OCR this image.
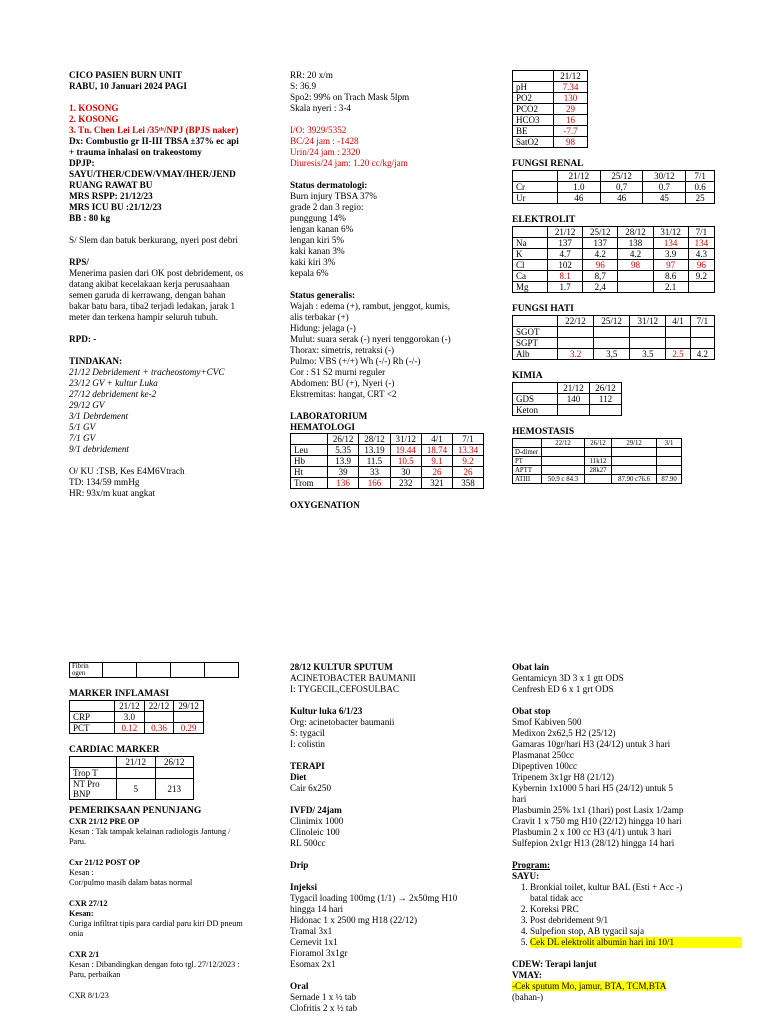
CICO PASIEN BURN UNIT

RABU, 10 Januari 2024 PAGI

1. KOSONG

2. KOSONG

3. Tn. Chen Lei Lei /35ᵗʰ/NPJ (BPJS naker)

Dx: Combustio gr II-III TBSA ±37% ec api

+ trauma inhalasi on trakeostomy

DPJP:

SAYU/THER/CDEW/VMAY/IHER/JEND

RUANG RAWAT BU

MRS RSPP: 21/12/23

MRS ICU BU :21/12/23

BB : 80 kg

S/ Slem dan batuk berkurang, nyeri post debri

RPS/

Menerima pasien dari OK post debridement, os

datang akibat kecelakaan kerja perusaahaan

semen garuda di kerrawang, dengan bahan

bakar batu bara, tiba2 terjadi ledakan, jarak 1

meter dan terkena hampir seluruh tubuh.

RPD: -

TINDAKAN:

21/12 Debridement + tracheostomy+CVC

23/12 GV + kultur Luka

27/12 debridement ke-2

29/12 GV

3/1 Debrdement

5/1 GV

7/1 GV

9/1 debridement

O/ KU :TSB, Kes E4M6Vtrach

TD: 134/59 mmHg

HR: 93x/m kuat angkat

RR: 20 x/m

S: 36.9

Spo2: 99% on Trach Mask 5lpm

Skala nyeri : 3-4

I/O: 3929/5352

BC/24 jam : -1428

Urin/24 jam : 2320

Diuresis/24 jam: 1.20 cc/kg/jam

Status dermatologi:

Burn injury TBSA 37%

grade 2 dan 3 regio:

punggung 14%

lengan kanan 6%

lengan kiri 5%

kaki kanan 3%

kaki kiri 3%

kepala 6%

Status generalis:

Wajah : edema (+), rambut, jenggot, kumis,

alis terbakar (+)

Hidung: jelaga (-)

Mulut: suara serak (-) nyeri tenggorokan (-)

Thorax: simetris, retraksi (-)

Pulmo: VBS (+/+) Wh (-/-) Rh (-/-)

Cor : S1 S2 murni reguler

Abdomen: BU (+), Nyeri (-)

Ekstremitas: hangat, CRT <2

LABORATORIUM

HEMATOLOGI

	26/12	28/12	31/12	4/1	7/1
Leu	5.35	13.19	19.44	18.74	13.34
Hb	13.9	11.5	10.5	9.1	9.2
Ht	39	33	30	26	26
Trom	136	166	232	321	358

OXYGENATION

	21/12
pH	7.34
PO2	130
PCO2	29
HCO3	16
BE	-7.7
SatO2	98

FUNGSI RENAL

	21/12	25/12	30/12	7/1
Cr	1.0	0,7	0.7	0.6
Ur	46	46	45	25

ELEKTROLIT

	21/12	25/12	28/12	31/12	7/1
Na	137	137	138	134	134
K	4.7	4.2	4.2	3.9	4.3
Cl	102	96	98	97	96
Ca	8.1	8,7		8.6	9.2
Mg	1.7	2,4		2.1	

FUNGSI HATI

	22/12	25/12	31/12	4/1	7/1
SGOT					
SGPT					
Alb	3.2	3,5	3.5	2.5	4.2

KIMIA

	21/12	26/12
GDS	140	112
Keton		

HEMOSTASIS

	22/12	26/12	29/12	3/1
D-dimer				
PT		11k12		
APTT		28k27		
ATIII	50.9 c 84.3		87.90 c76.6	87.90
Fibrin ogen				

MARKER INFLAMASI

	21/12	22/12	29/12
CRP	3.0		
PCT	0.12	0.36	0.29

CARDIAC MARKER

	21/12	26/12
Trop T		
NT Pro BNP	5	213

PEMERIKSAAN PENUNJANG

CXR 21/12 PRE OP

Kesan : Tak tampak kelainan radiologis Jantung /

Paru.

Cxr 21/12 POST OP

Kesan :

Cor/pulmo masih dalam batas normal

CXR 27/12

Kesan:

Curiga infiltrat tipis para cardial paru kiri DD pneum

onia

CXR 2/1

Kesan : Dibandingkan dengan foto tgl. 27/12/2023 :

Paru, perbaikan

CXR 8/1/23

28/12 KULTUR SPUTUM

ACINETOBACTER BAUMANII

I: TYGECIL,CEFOSULBAC

Kultur luka 6/1/23

Org: acinetobacter baumanii

S: tygacil

I: colistin

TERAPI

Diet

Cair 6x250

IVFD/ 24jam

Clinimix 1000

Clinoleic 100

RL 500cc

Drip

Injeksi

Tygacil loading 100mg (1/1) → 2x50mg H10

hingga 14 hari

Hidonac 1 x 2500 mg H18 (22/12)

Tramal 3x1

Cernevit 1x1

Fioramol 3x1gr

Esomax 2x1

Oral

Sernade 1 x ½ tab

Clofritis 2 x ½ tab

Obat lain

Gentamicyn 3D 3 x 1 gtt ODS

Cenfresh ED 6 x 1 grt ODS

Obat stop

Smof Kabiven 500

Medixon 2x62,5 H2 (25/12)

Gamaras 10gr/hari H3 (24/12) untuk 3 hari

Plasmanat 250cc

Dipeptiven 100cc

Tripenem 3x1gr H8 (21/12)

Kybernin 1x1000 5 hari H5 (24/12) untuk 5

hari

Plasbumin 25% 1x1 (1hari) post Lasix 1/2amp

Cravit 1 x 750 mg H10 (22/12) hingga 10 hari

Plasbumin 2 x 100 cc H3 (4/1) untuk 3 hari

Sulfepion 2x1gr H13 (28/12) hingga 14 hari

Program:

SAYU:

1. Bronkial toilet, kultur BAL (Esti + Acc -)
batal tidak acc
2. Koreksi PRC
3. Post debridement 9/1
4. Sulpefion stop, AB tygacil saja
5. Cek DL elektrolit albumin hari ini 10/1

CDEW: Terapi lanjut

VMAY:

-Cek sputum Mo, jamur, BTA, TCM,BTA

(bahan-)
